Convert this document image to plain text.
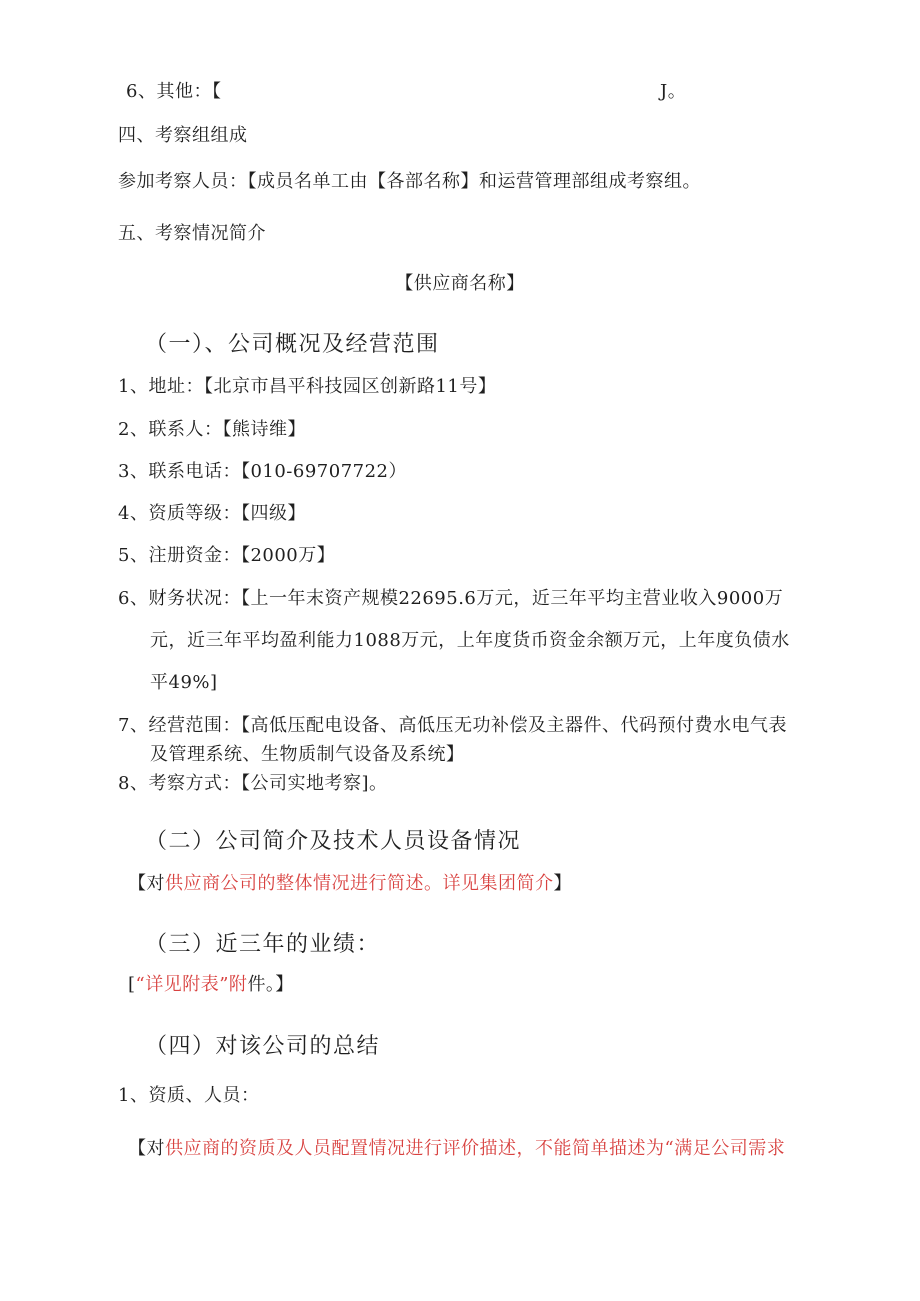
6、其他：【	J。
四、考察组组成
参加考察人员：【成员名单工由【各部名称】和运营管理部组成考察组。
五、考察情况简介
【供应商名称】
（一）、公司概况及经营范围
1、地址：【北京市昌平科技园区创新路11号】
2、联系人：【熊诗维】
3、联系电话：【010-69707722）
4、资质等级：【四级】
5、注册资金：【2000万】
6、财务状况：【上一年末资产规模22695.6万元，近三年平均主营业收入9000万
元，近三年平均盈利能力1088万元，上年度货币资金余额万元，上年度负债水
平49%]
7、经营范围：【高低压配电设备、高低压无功补偿及主器件、代码预付费水电气表
及管理系统、生物质制气设备及系统】
8、考察方式：【公司实地考察]。
（二）公司简介及技术人员设备情况
【对供应商公司的整体情况进行简述。详见集团简介】
（三）近三年的业绩：
[“详见附表”附件。】
（四）对该公司的总结
1、资质、人员：
【对供应商的资质及人员配置情况进行评价描述，不能简单描述为“满足公司需求
